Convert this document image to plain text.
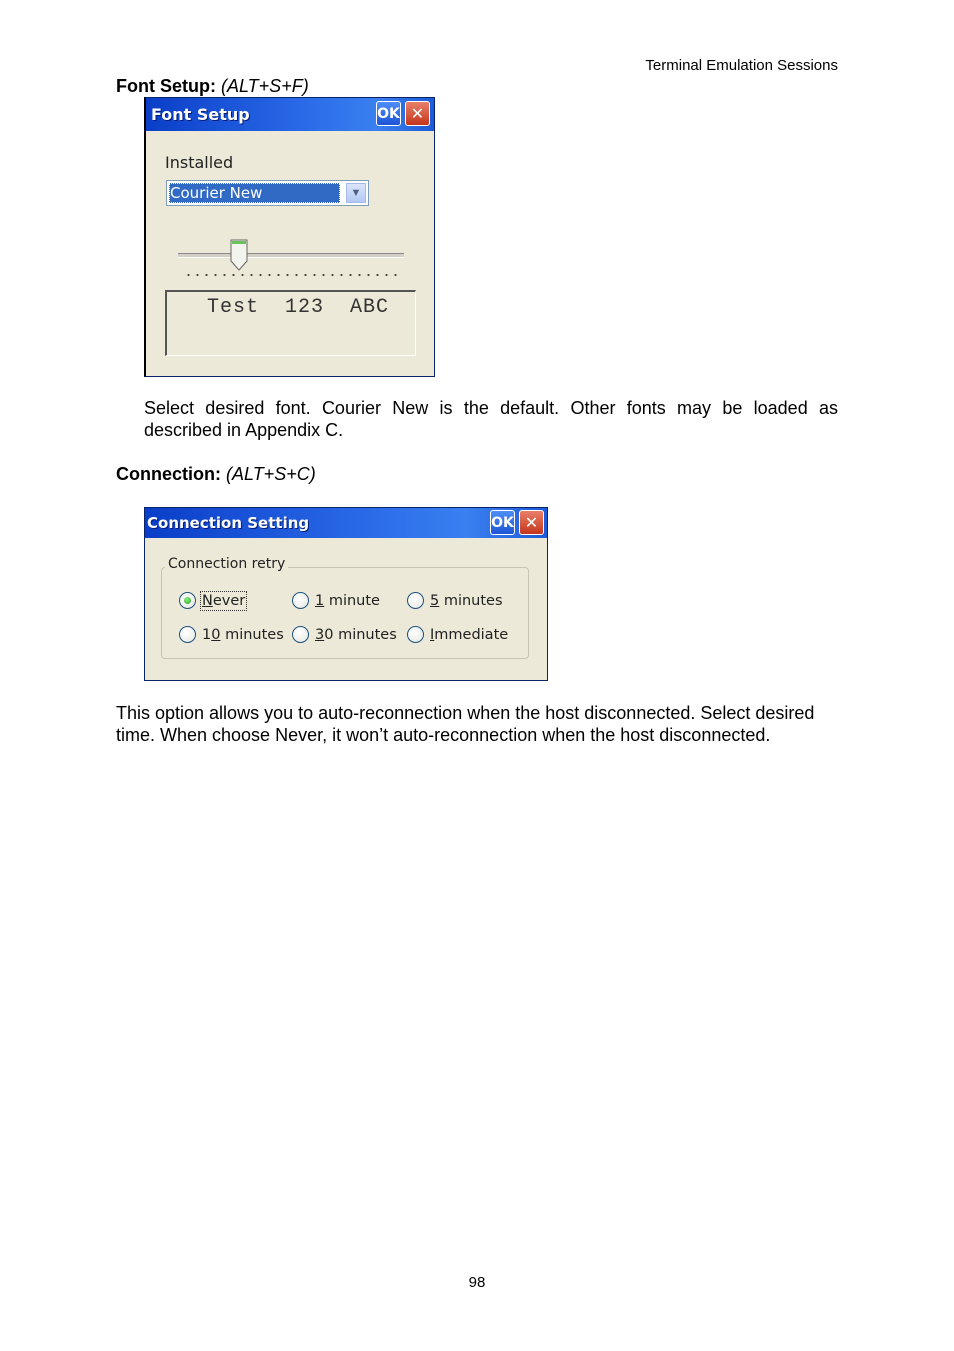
Terminal Emulation Sessions
Font Setup: (ALT+S+F)
Font Setup	OK ✕
Installed
Courier New	▼
Test  123  ABC
Select desired font. Courier New is the default. Other fonts may be loaded as described in Appendix C.
Connection: (ALT+S+C)
Connection Setting	OK ✕
Connection retry
Never	1 minute	5 minutes
10 minutes 30 minutes Immediate
This option allows you to auto-reconnection when the host disconnected. Select desired time. When choose Never, it won’t auto-reconnection when the host disconnected.
98
